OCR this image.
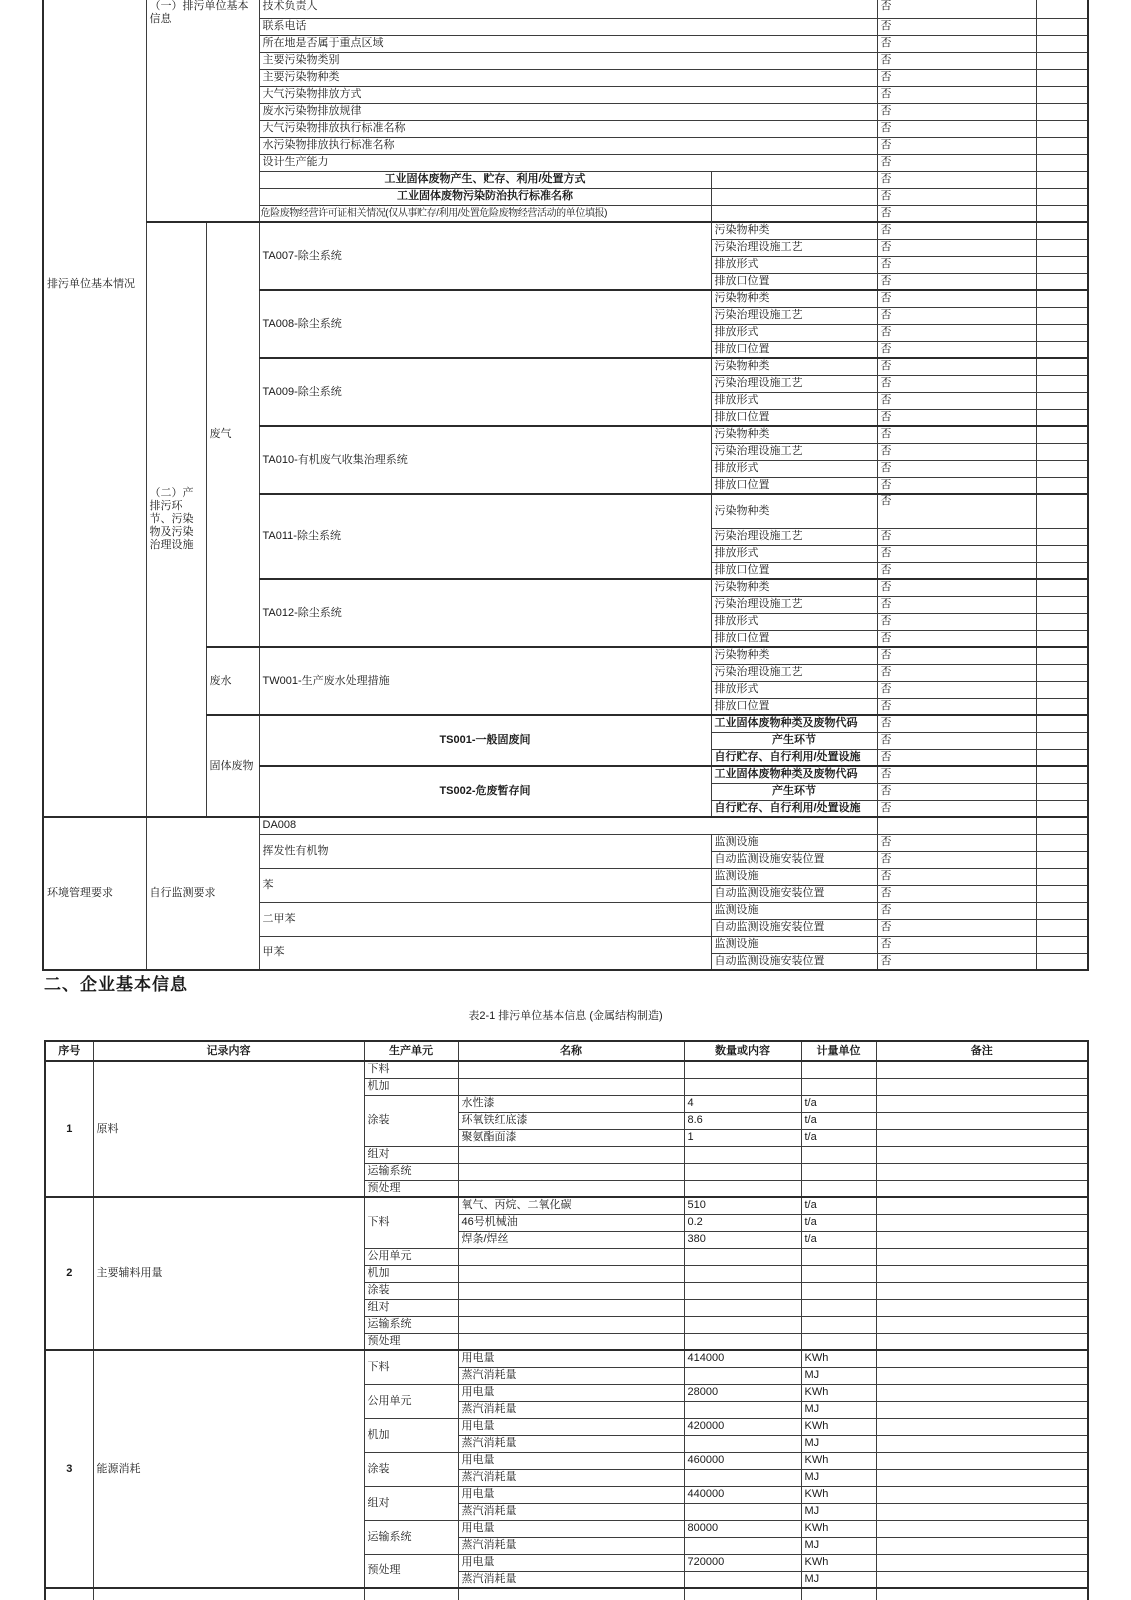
排污单位基本情况	（一）排污单位基本信息		技术负责人		否	
			联系电话		否	
			所在地是否属于重点区域		否	
			主要污染物类别		否	
			主要污染物种类		否	
			大气污染物排放方式		否	
			废水污染物排放规律		否	
			大气污染物排放执行标准名称		否	
			水污染物排放执行标准名称		否	
			设计生产能力		否	
			工业固体废物产生、贮存、利用/处置方式		否	
			工业固体废物污染防治执行标准名称		否	
			危险废物经营许可证相关情况(仅从事贮存/利用/处置危险废物经营活动的单位填报)		否	
	（二）产排污环节、污染物及污染治理设施	废气	TA007-除尘系统	污染物种类	否	
				污染治理设施工艺	否	
				排放形式	否	
				排放口位置	否	
			TA008-除尘系统	污染物种类	否	
				污染治理设施工艺	否	
				排放形式	否	
				排放口位置	否	
			TA009-除尘系统	污染物种类	否	
				污染治理设施工艺	否	
				排放形式	否	
				排放口位置	否	
			TA010-有机废气收集治理系统	污染物种类	否	
				污染治理设施工艺	否	
				排放形式	否	
				排放口位置	否	
			TA011-除尘系统	污染物种类	否	
				污染治理设施工艺	否	
				排放形式	否	
				排放口位置	否	
			TA012-除尘系统	污染物种类	否	
				污染治理设施工艺	否	
				排放形式	否	
				排放口位置	否	
		废水	TW001-生产废水处理措施	污染物种类	否	
				污染治理设施工艺	否	
				排放形式	否	
				排放口位置	否	
		固体废物	TS001-一般固废间	工业固体废物种类及废物代码	否	
				产生环节	否	
				自行贮存、自行利用/处置设施	否	
			TS002-危废暂存间	工业固体废物种类及废物代码	否	
				产生环节	否	
				自行贮存、自行利用/处置设施	否	
环境管理要求	自行监测要求		DA008			
			挥发性有机物	监测设施	否	
				自动监测设施安装位置	否	
			苯	监测设施	否	
				自动监测设施安装位置	否	
			二甲苯	监测设施	否	
				自动监测设施安装位置	否	
			甲苯	监测设施	否	
				自动监测设施安装位置	否	
二、企业基本信息
表2-1 排污单位基本信息 (金属结构制造)
序号	记录内容	生产单元	名称	数量或内容	计量单位	备注
1	原料	下料				
		机加				
		涂装	水性漆	4	t/a	
			环氧铁红底漆	8.6	t/a	
			聚氨酯面漆	1	t/a	
		组对				
		运输系统				
		预处理				
2	主要辅料用量	下料	氧气、丙烷、二氧化碳	510	t/a	
			46号机械油	0.2	t/a	
			焊条/焊丝	380	t/a	
		公用单元				
		机加				
		涂装				
		组对				
		运输系统				
		预处理				
3	能源消耗	下料	用电量	414000	KWh	
			蒸汽消耗量		MJ	
		公用单元	用电量	28000	KWh	
			蒸汽消耗量		MJ	
		机加	用电量	420000	KWh	
			蒸汽消耗量		MJ	
		涂装	用电量	460000	KWh	
			蒸汽消耗量		MJ	
		组对	用电量	440000	KWh	
			蒸汽消耗量		MJ	
		运输系统	用电量	80000	KWh	
			蒸汽消耗量		MJ	
		预处理	用电量	720000	KWh	
			蒸汽消耗量		MJ	
